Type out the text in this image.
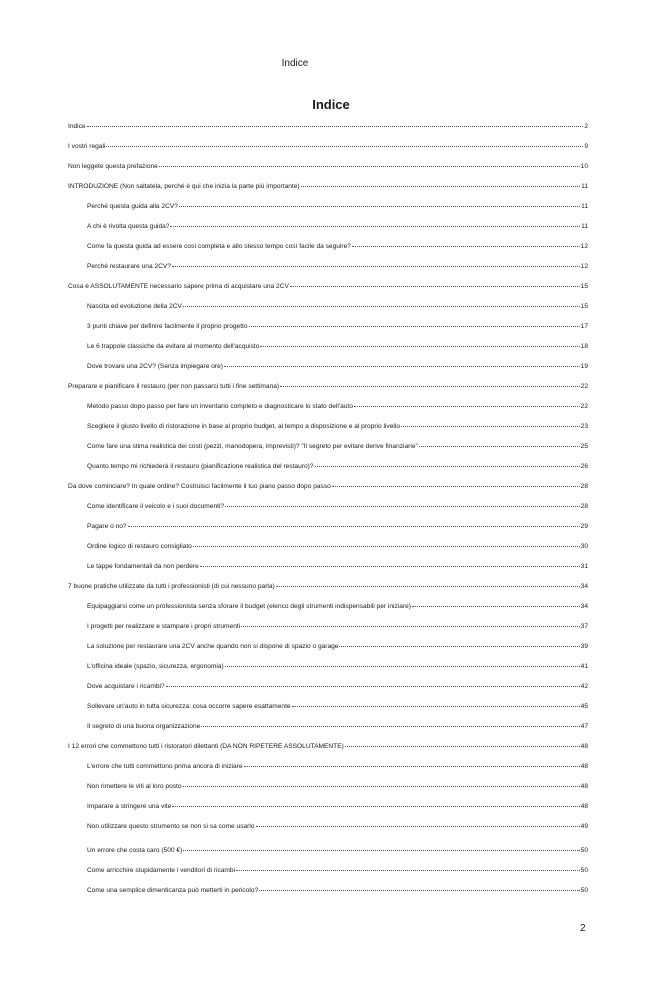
Indice
Indice
Indice	2
I vostri regali	9
Non leggete questa prefazione	10
INTRODUZIONE (Non saltatela, perché è qui che inizia la parte più importante)	11
Perché questa guida alla 2CV?	11
A chi è rivolta questa guida?	11
Come fa questa guida ad essere così completa e allo stesso tempo così facile da seguire?	12
Perché restaurare una 2CV?	12
Cosa è ASSOLUTAMENTE necessario sapere prima di acquistare una 2CV	15
Nascita ed evoluzione della 2CV	15
3 punti chiave per definire facilmente il proprio progetto	17
Le 6 trappole classiche da evitare al momento dell'acquisto	18
Dove trovare una 2CV? (Senza impiegare ore)	19
Preparare e pianificare il restauro (per non passarci tutti i fine settimana)	22
Metodo passo dopo passo per fare un inventario completo e diagnosticare lo stato dell'auto	22
Scegliere il giusto livello di ristorazione in base al proprio budget, al tempo a disposizione e al proprio livello	23
Come fare una stima realistica dei costi (pezzi, manodopera, imprevisti)? "Il segreto per evitare derive finanziarie"	25
Quanto tempo mi richiederà il restauro (pianificazione realistica del restauro)?	26
Da dove cominciare? In quale ordine? Costruisci facilmente il tuo piano passo dopo passo	28
Come identificare il veicolo e i suoi documenti?	28
Pagare o no?	29
Ordine logico di restauro consigliato	30
Le tappe fondamentali da non perdere	31
7 buone pratiche utilizzate da tutti i professionisti (di cui nessuno parla)	34
Equipaggiarsi come un professionista senza sforare il budget (elenco degli strumenti indispensabili per iniziare)	34
I progetti per realizzare e stampare i propri strumenti	37
La soluzione per restaurare una 2CV anche quando non si dispone di spazio o garage	39
L'officina ideale (spazio, sicurezza, ergonomia)	41
Dove acquistare i ricambi?	42
Sollevare un'auto in tutta sicurezza: cosa occorre sapere esattamente	45
Il segreto di una buona organizzazione	47
I 12 errori che commettono tutti i ristoratori dilettanti (DA NON RIPETERE ASSOLUTAMENTE)	48
L'errore che tutti commettono prima ancora di iniziare	48
Non rimettere le viti al loro posto	48
Imparare a stringere una vite	48
Non utilizzare questo strumento se non si sa come usarlo	49
Un errore che costa caro (500 €)	50
Come arricchire stupidamente i venditori di ricambi	50
Come una semplice dimenticanza può metterti in pericolo?	50
2
